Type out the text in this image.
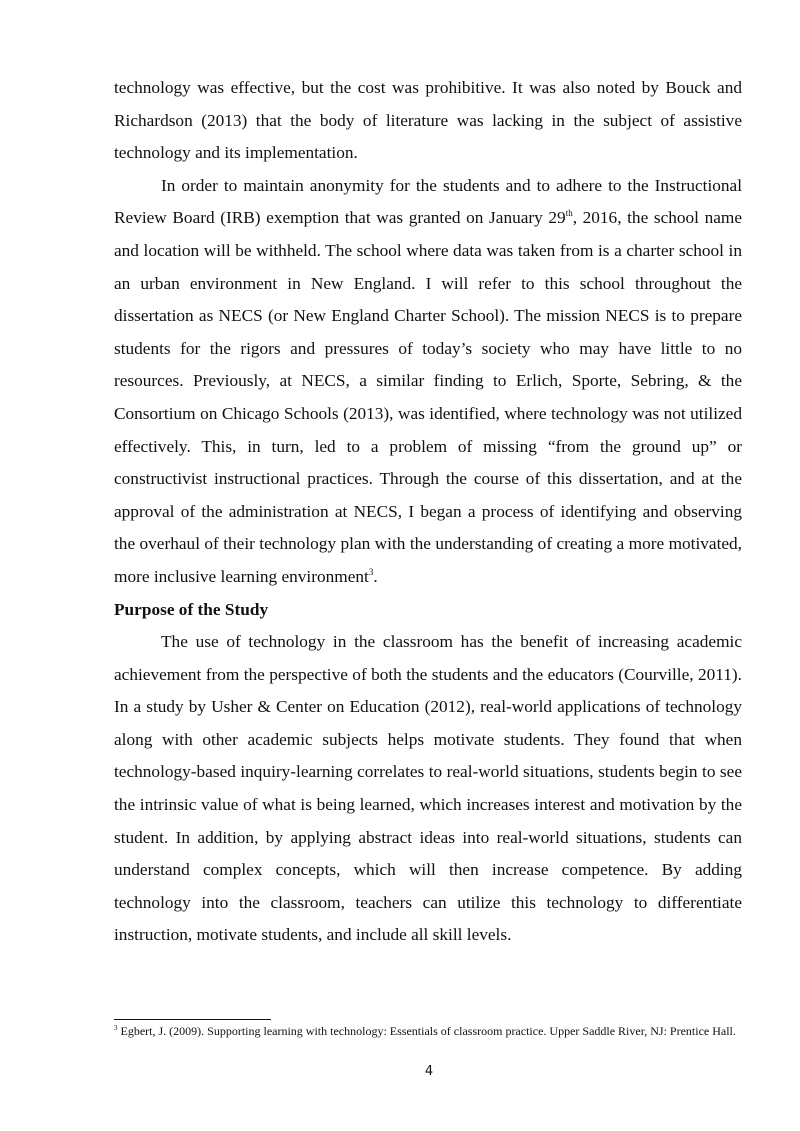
technology was effective, but the cost was prohibitive. It was also noted by Bouck and Richardson (2013) that the body of literature was lacking in the subject of assistive technology and its implementation.

In order to maintain anonymity for the students and to adhere to the Instructional Review Board (IRB) exemption that was granted on January 29th, 2016, the school name and location will be withheld. The school where data was taken from is a charter school in an urban environment in New England. I will refer to this school throughout the dissertation as NECS (or New England Charter School). The mission NECS is to prepare students for the rigors and pressures of today’s society who may have little to no resources. Previously, at NECS, a similar finding to Erlich, Sporte, Sebring, & the Consortium on Chicago Schools (2013), was identified, where technology was not utilized effectively. This, in turn, led to a problem of missing “from the ground up” or constructivist instructional practices. Through the course of this dissertation, and at the approval of the administration at NECS, I began a process of identifying and observing the overhaul of their technology plan with the understanding of creating a more motivated, more inclusive learning environment$^3$.

Purpose of the Study

The use of technology in the classroom has the benefit of increasing academic achievement from the perspective of both the students and the educators (Courville, 2011). In a study by Usher & Center on Education (2012), real-world applications of technology along with other academic subjects helps motivate students. They found that when technology-based inquiry-learning correlates to real-world situations, students begin to see the intrinsic value of what is being learned, which increases interest and motivation by the student. In addition, by applying abstract ideas into real-world situations, students can understand complex concepts, which will then increase competence. By adding technology into the classroom, teachers can utilize this technology to differentiate instruction, motivate students, and include all skill levels.

$^3$ Egbert, J. (2009). Supporting learning with technology: Essentials of classroom practice. Upper Saddle River, NJ: Prentice Hall.

4
